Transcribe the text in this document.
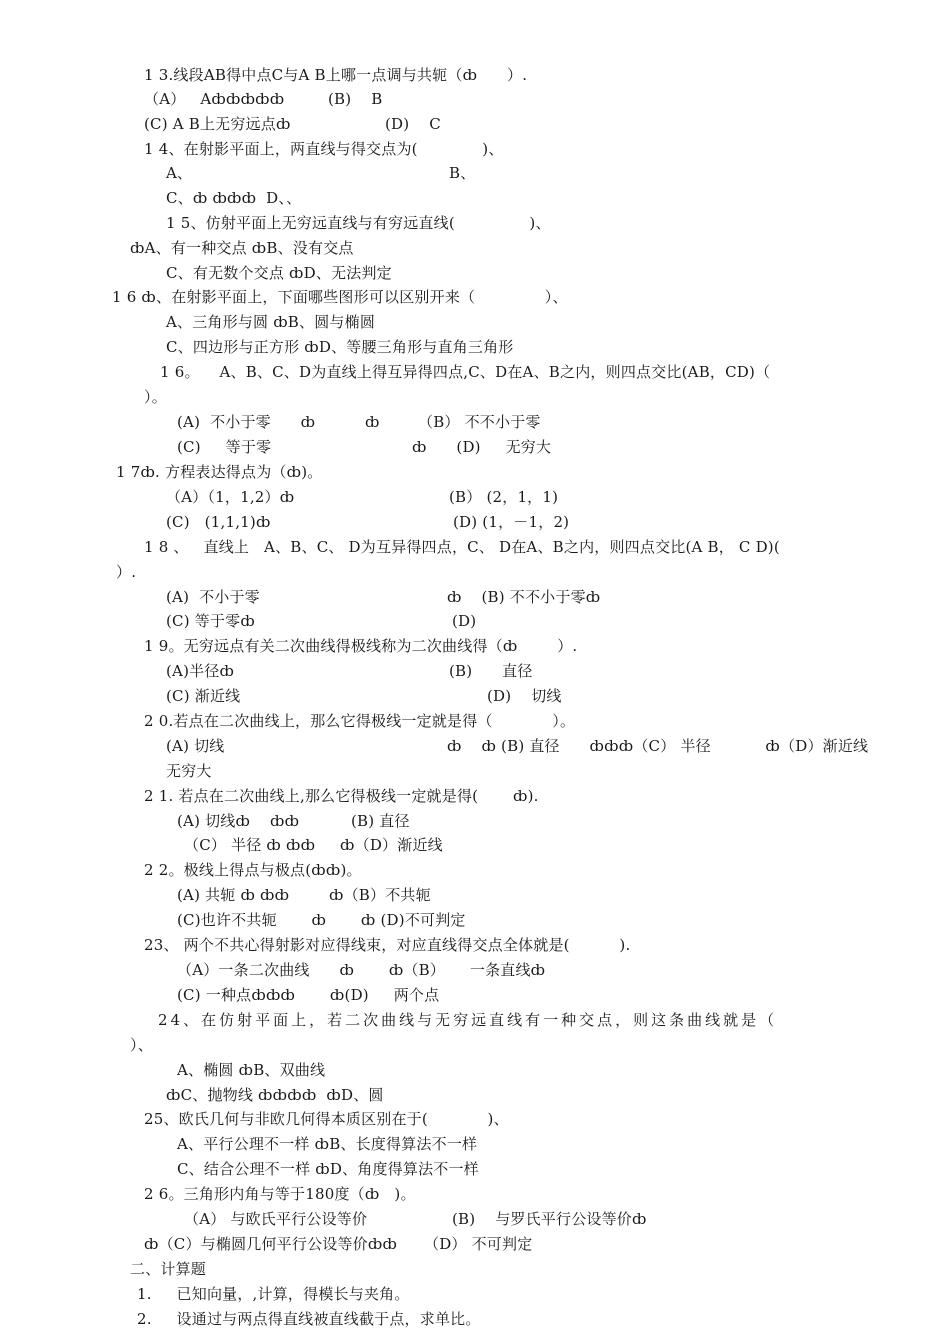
1 3.线段AB得中点C与A B上哪一点调与共轭（ȸ      ）.
（A）   Aȸȸȸȸȸ	(B)    B
(C) A B上无穷远点ȸ	(D)    C
1 4、在射影平面上，两直线与得交点为(             )、
A、	B、
C、ȸ ȸȸȸ  D、、
1 5、仿射平面上无穷远直线与有穷远直线(               )、
ȸA、有一种交点 ȸB、没有交点
C、有无数个交点 ȸD、无法判定
1 6 ȸ、在射影平面上，下面哪些图形可以区别开来（              ）、
A、三角形与圆 ȸB、圆与椭圆
C、四边形与正方形 ȸD、等腰三角形与直角三角形
1 6。    A、B、C、D为直线上得互异得四点,C、D在A、B之内，则四点交比(AB，CD)（
）。
(A)  不小于零      ȸ          ȸ	（B） 不不小于零
(C)     等于零	ȸ      (D)     无穷大
1 7ȸ. 方程表达得点为（ȸ)。
（A）（1，1,2）ȸ	(B） (2，1，1)
(C)   (1,1,1)ȸ	(D) (1，－1，2)
1 8 、   直线上   A、B、C、 D为互异得四点，C、 D在A、B之内，则四点交比(A B， C D)(
）.
(A)  不小于零	ȸ    (B) 不不小于零ȸ
(C) 等于零ȸ	(D)
1 9。无穷远点有关二次曲线得极线称为二次曲线得（ȸ        ）.
(A)半径ȸ	(B)      直径
(C) 渐近线	(D)    切线
2 0.若点在二次曲线上，那么它得极线一定就是得（            ）。
(A) 切线	ȸ    ȸ (B) 直径      ȸȸȸ（C） 半径           ȸ（D）渐近线
无穷大
2 1. 若点在二次曲线上,那么它得极线一定就是得(       ȸ).
(A) 切线ȸ    ȸȸ	(B) 直径
（C） 半径 ȸ ȸȸ     ȸ（D）渐近线
2 2。极线上得点与极点(ȸȸ)。
(A) 共轭 ȸ ȸȸ        ȸ（B）不共轭
(C)也许不共轭       ȸ       ȸ (D)不可判定
23、 两个不共心得射影对应得线束，对应直线得交点全体就是(          ).
（A）一条二次曲线      ȸ       ȸ（B）     一条直线ȸ
(C) 一种点ȸȸȸ       ȸ(D)     两个点
24、在仿射平面上，若二次曲线与无穷远直线有一种交点，则这条曲线就是（
）、
A、椭圆 ȸB、双曲线
ȸC、抛物线 ȸȸȸȸ  ȸD、圆
25、欧氏几何与非欧几何得本质区别在于(            )、
A、平行公理不一样 ȸB、长度得算法不一样
C、结合公理不一样 ȸD、角度得算法不一样
2 6。三角形内角与等于180度（ȸ   )。
（A） 与欧氏平行公设等价	(B)    与罗氏平行公设等价ȸ
ȸ（C）与椭圆几何平行公设等价ȸȸ （D） 不可判定
二、计算题
1.     已知向量，,计算，得模长与夹角。
2.     设通过与两点得直线被直线截于点，求单比。
